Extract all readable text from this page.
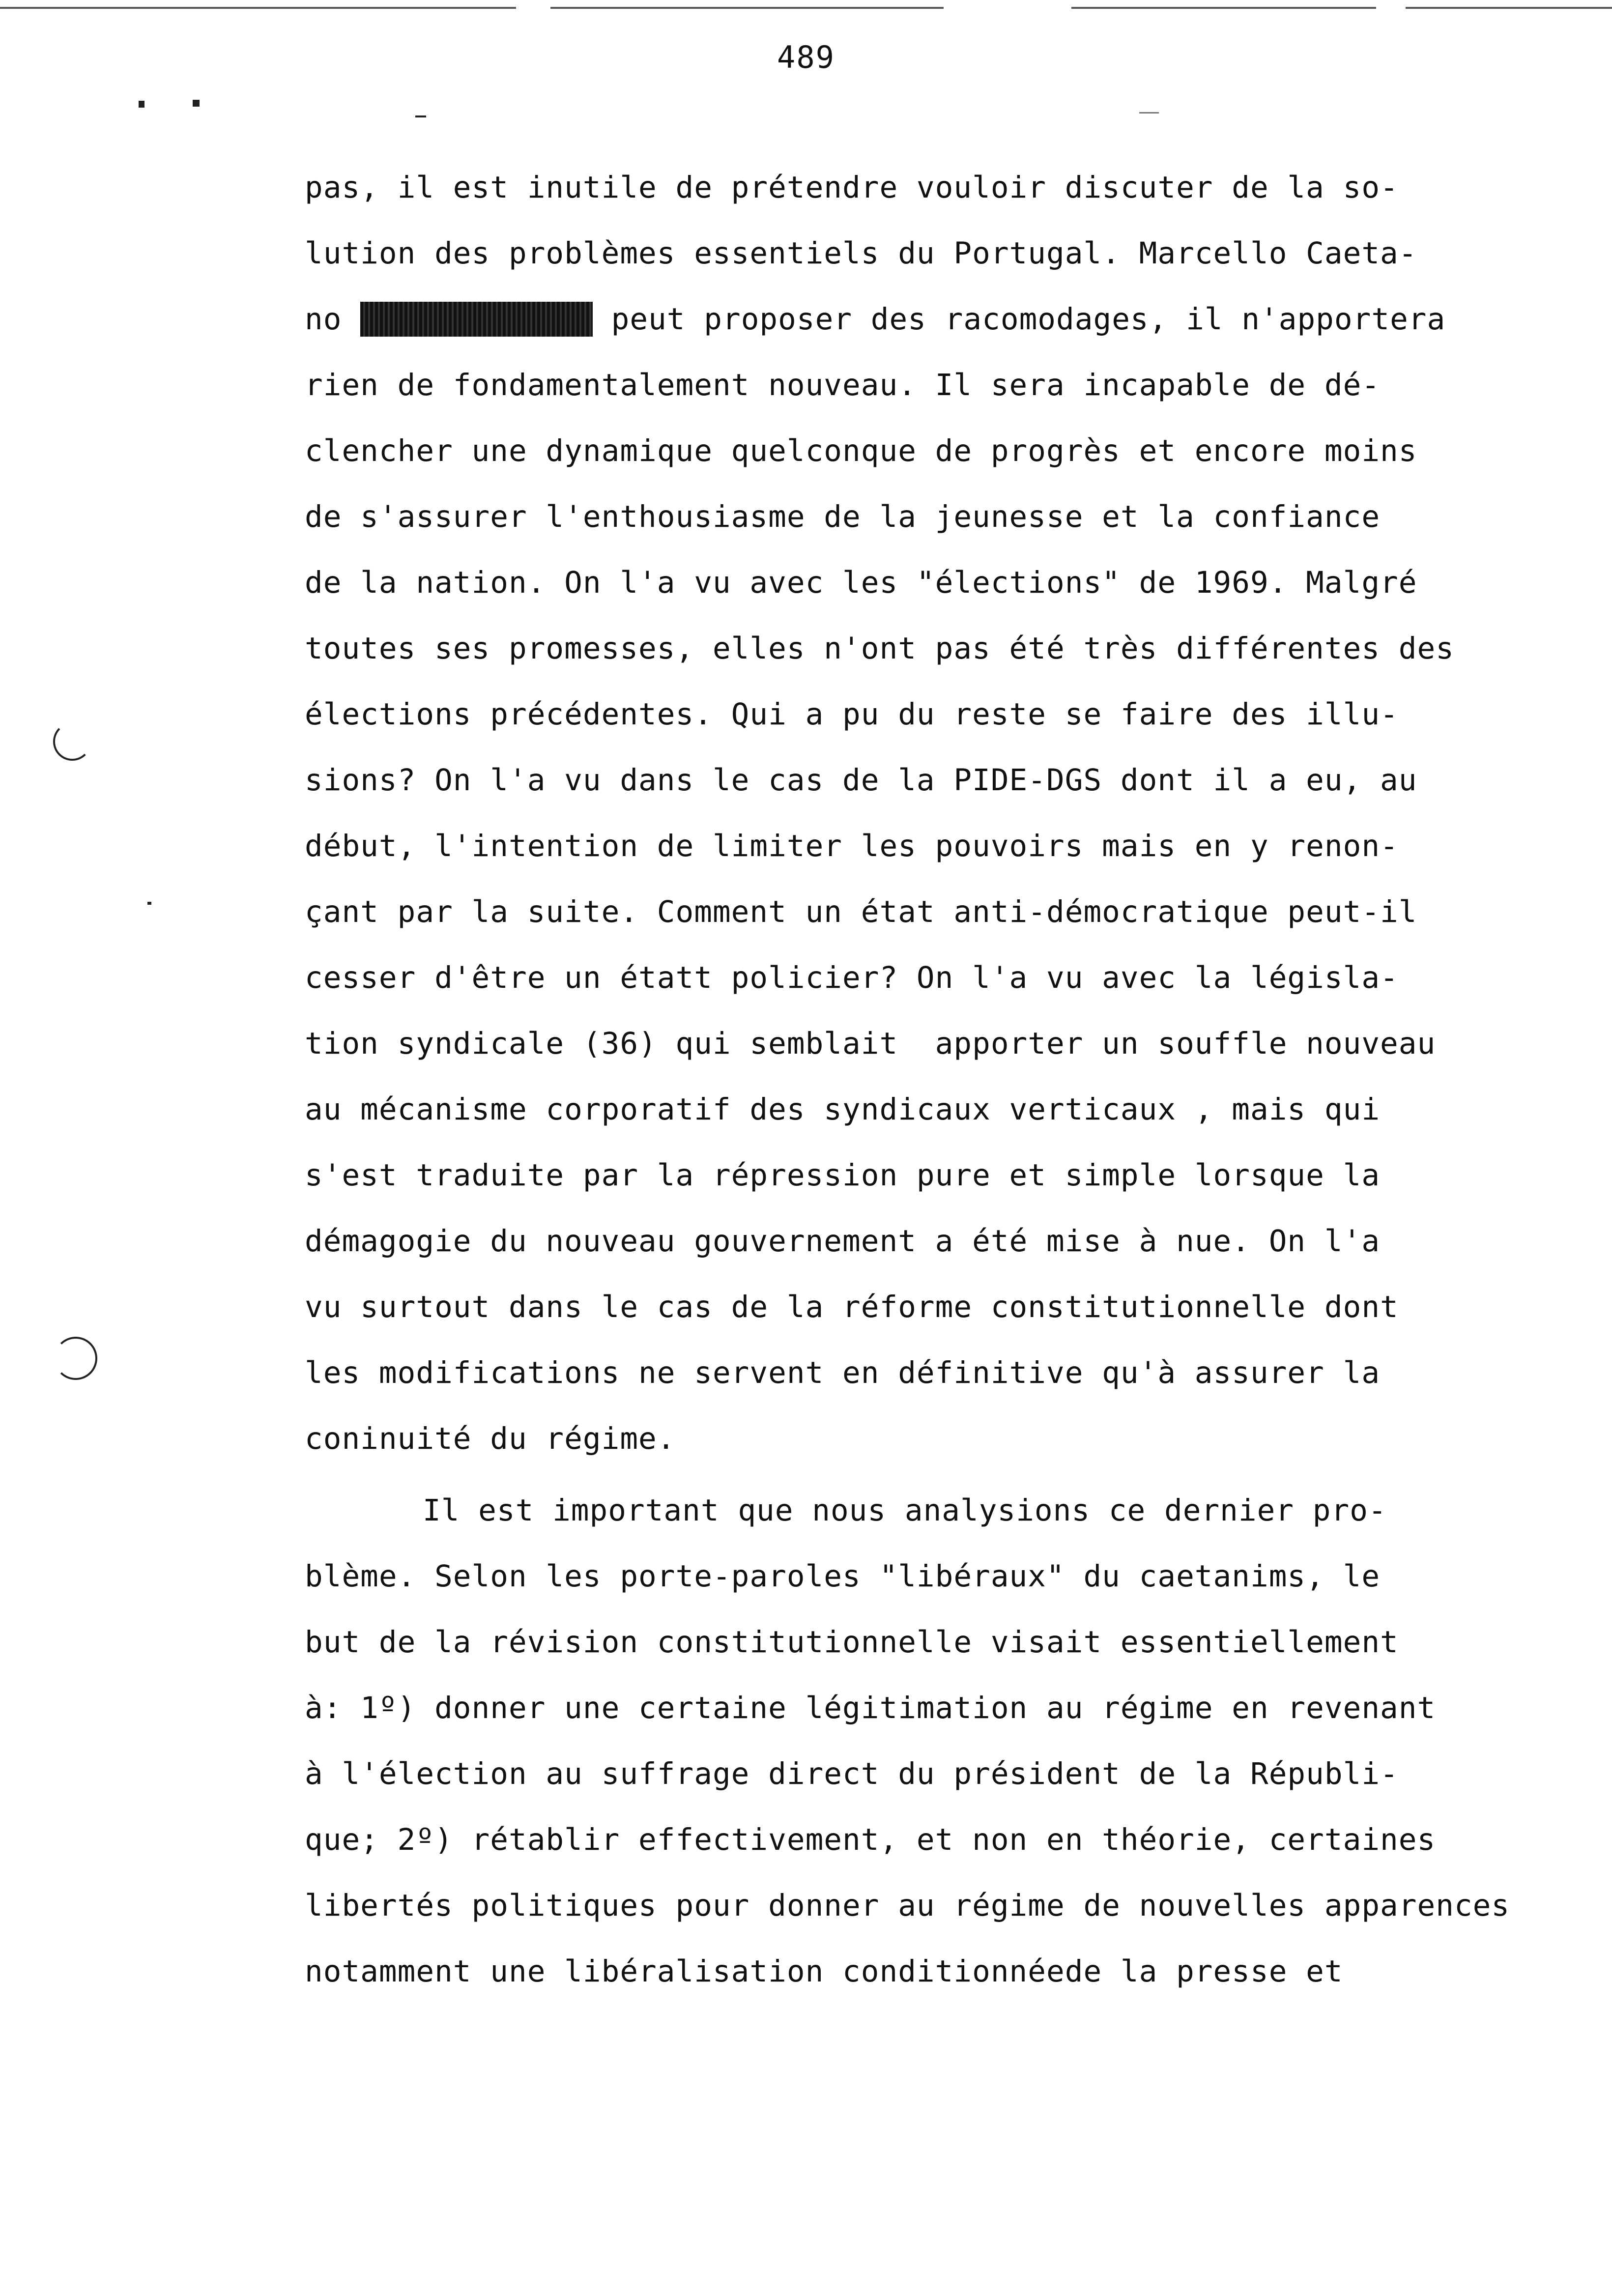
489
pas, il est inutile de prétendre vouloir discuter de la so-
lution des problèmes essentiels du Portugal. Marcello Caeta-
no	peut proposer des racomodages, il n'apportera
rien de fondamentalement nouveau. Il sera incapable de dé-
clencher une dynamique quelconque de progrès et encore moins
de s'assurer l'enthousiasme de la jeunesse et la confiance
de la nation. On l'a vu avec les "élections" de 1969. Malgré
toutes ses promesses, elles n'ont pas été très différentes des
élections précédentes. Qui a pu du reste se faire des illu-
sions? On l'a vu dans le cas de la PIDE-DGS dont il a eu, au
début, l'intention de limiter les pouvoirs mais en y renon-
çant par la suite. Comment un état anti-démocratique peut-il
cesser d'être un étatt policier? On l'a vu avec la législa-
tion syndicale (36) qui semblait  apporter un souffle nouveau
au mécanisme corporatif des syndicaux verticaux , mais qui
s'est traduite par la répression pure et simple lorsque la
démagogie du nouveau gouvernement a été mise à nue. On l'a
vu surtout dans le cas de la réforme constitutionnelle dont
les modifications ne servent en définitive qu'à assurer la
coninuité du régime.
Il est important que nous analysions ce dernier pro-
blème. Selon les porte-paroles "libéraux" du caetanims, le
but de la révision constitutionnelle visait essentiellement
à: 1º) donner une certaine légitimation au régime en revenant
à l'élection au suffrage direct du président de la Républi-
que; 2º) rétablir effectivement, et non en théorie, certaines
libertés politiques pour donner au régime de nouvelles apparences
notamment une libéralisation conditionnéede la presse et
